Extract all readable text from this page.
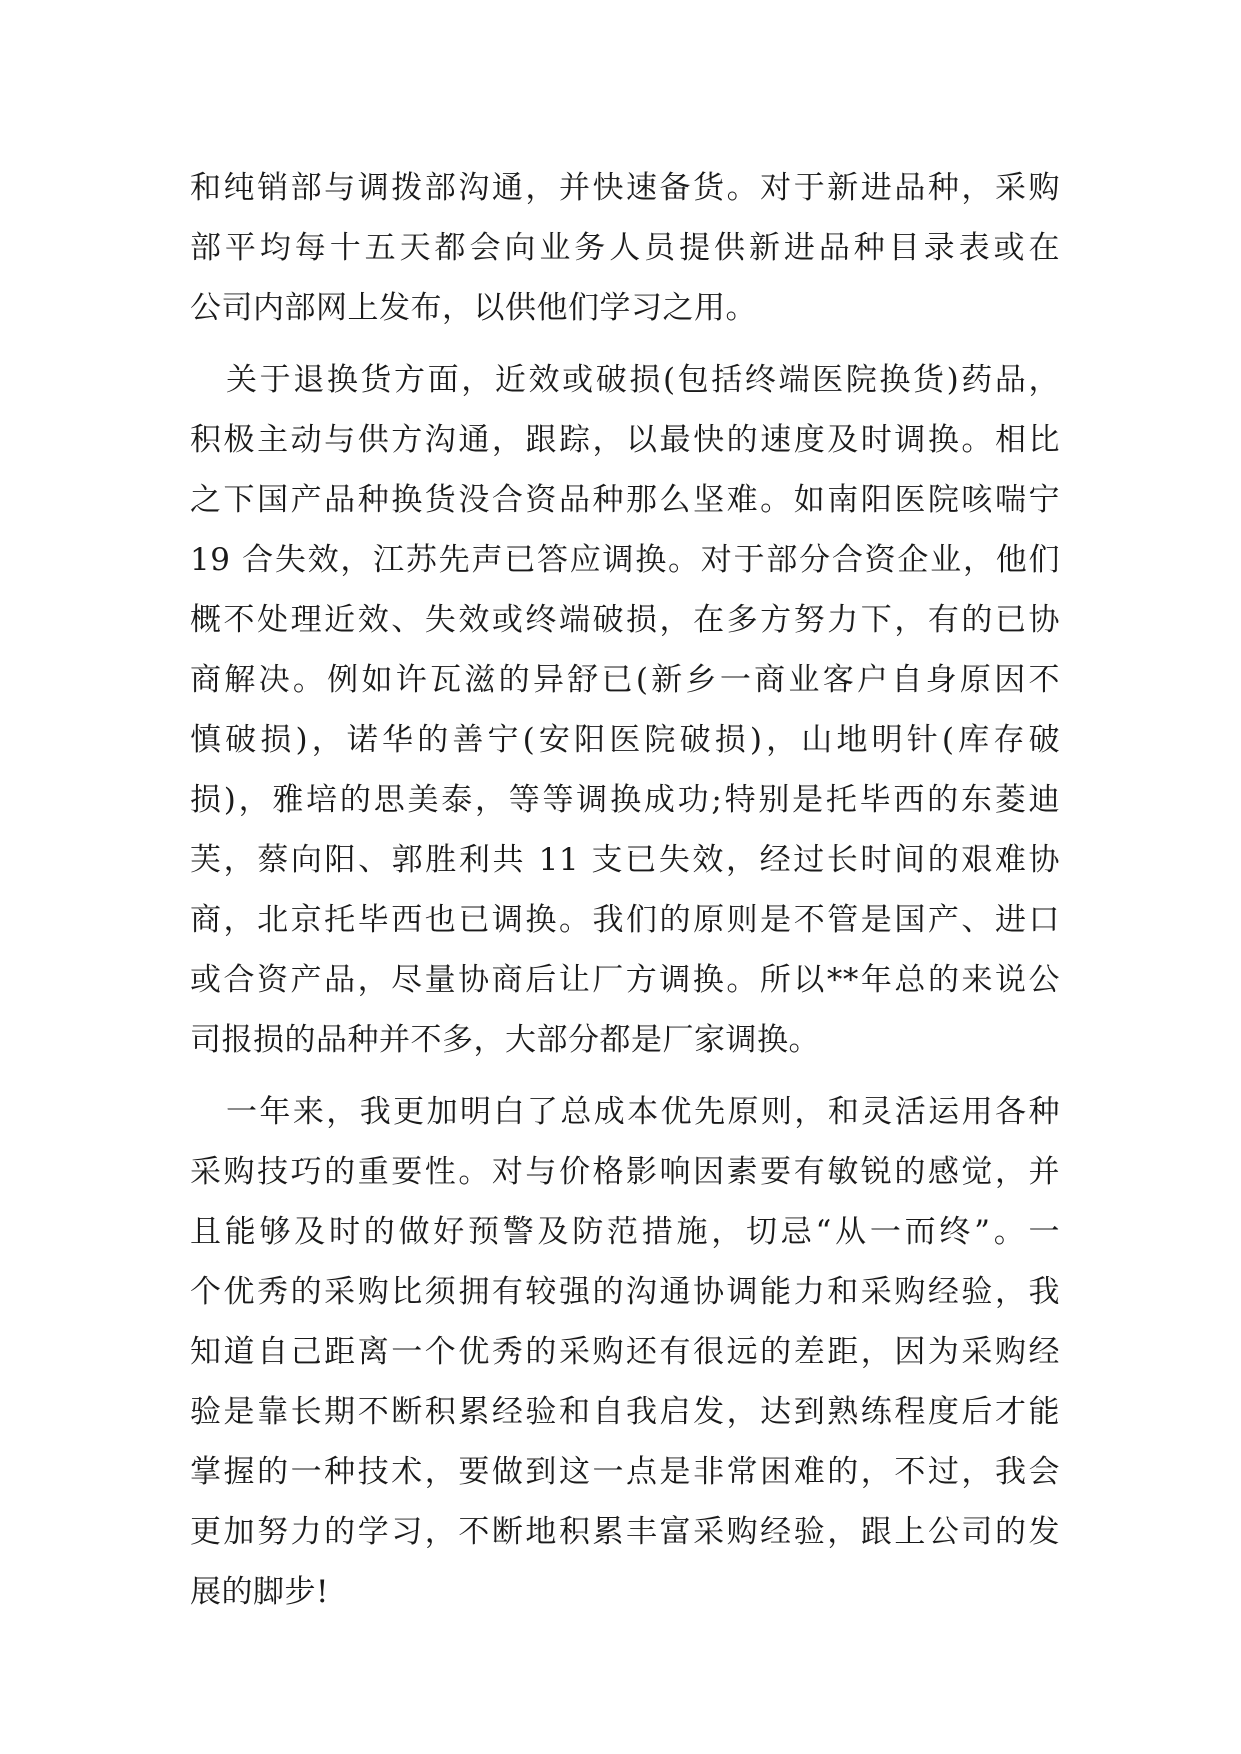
和纯销部与调拨部沟通，并快速备货。对于新进品种，采购
部平均每十五天都会向业务人员提供新进品种目录表或在
公司内部网上发布，以供他们学习之用。
关于退换货方面，近效或破损(包括终端医院换货)药品，
积极主动与供方沟通，跟踪，以最快的速度及时调换。相比
之下国产品种换货没合资品种那么坚难。如南阳医院咳喘宁
19 合失效，江苏先声已答应调换。对于部分合资企业，他们
概不处理近效、失效或终端破损，在多方努力下，有的已协
商解决。例如许瓦滋的异舒已(新乡一商业客户自身原因不
慎破损)，诺华的善宁(安阳医院破损)，山地明针(库存破
损)，雅培的思美泰，等等调换成功;特别是托毕西的东菱迪
芙，蔡向阳、郭胜利共 11 支已失效，经过长时间的艰难协
商，北京托毕西也已调换。我们的原则是不管是国产、进口
或合资产品，尽量协商后让厂方调换。所以**年总的来说公
司报损的品种并不多，大部分都是厂家调换。
一年来，我更加明白了总成本优先原则，和灵活运用各种
采购技巧的重要性。对与价格影响因素要有敏锐的感觉，并
且能够及时的做好预警及防范措施，切忌“从一而终”。一
个优秀的采购比须拥有较强的沟通协调能力和采购经验，我
知道自己距离一个优秀的采购还有很远的差距，因为采购经
验是靠长期不断积累经验和自我启发，达到熟练程度后才能
掌握的一种技术，要做到这一点是非常困难的，不过，我会
更加努力的学习，不断地积累丰富采购经验，跟上公司的发
展的脚步!
